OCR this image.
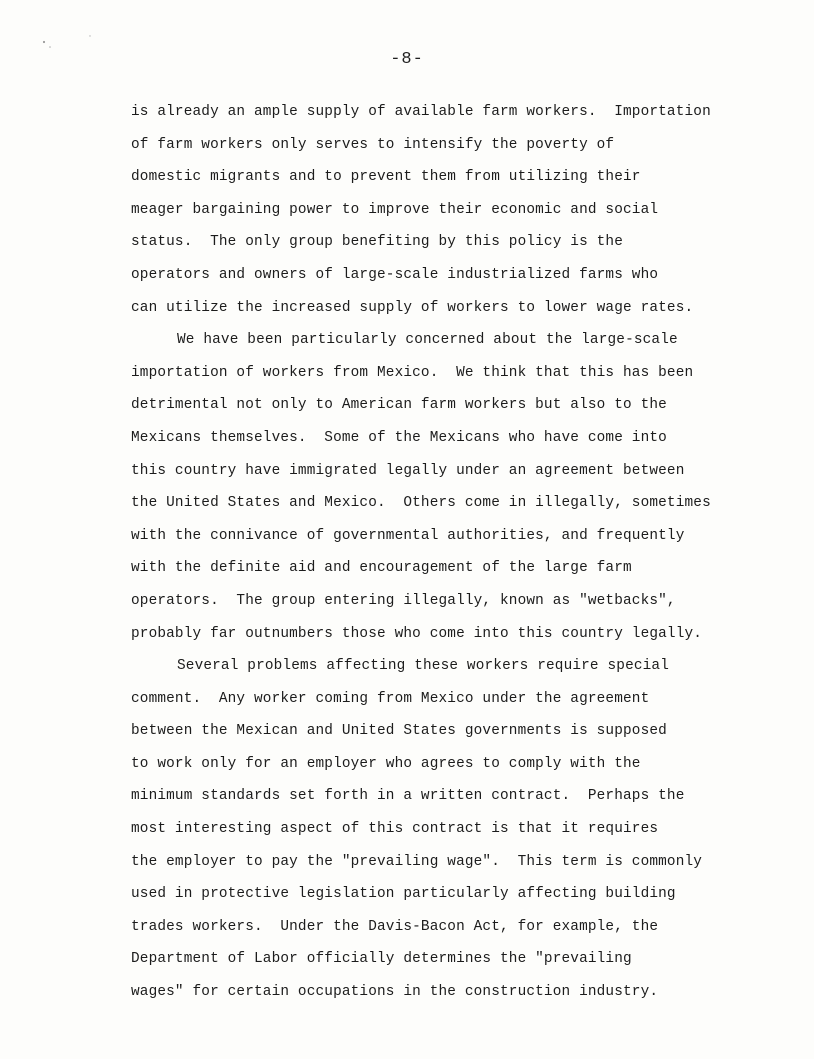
-8-
is already an ample supply of available farm workers.  Importation
of farm workers only serves to intensify the poverty of
domestic migrants and to prevent them from utilizing their
meager bargaining power to improve their economic and social
status.  The only group benefiting by this policy is the
operators and owners of large-scale industrialized farms who
can utilize the increased supply of workers to lower wage rates.
We have been particularly concerned about the large-scale
importation of workers from Mexico.  We think that this has been
detrimental not only to American farm workers but also to the
Mexicans themselves.  Some of the Mexicans who have come into
this country have immigrated legally under an agreement between
the United States and Mexico.  Others come in illegally, sometimes
with the connivance of governmental authorities, and frequently
with the definite aid and encouragement of the large farm
operators.  The group entering illegally, known as "wetbacks",
probably far outnumbers those who come into this country legally.
Several problems affecting these workers require special
comment.  Any worker coming from Mexico under the agreement
between the Mexican and United States governments is supposed
to work only for an employer who agrees to comply with the
minimum standards set forth in a written contract.  Perhaps the
most interesting aspect of this contract is that it requires
the employer to pay the "prevailing wage".  This term is commonly
used in protective legislation particularly affecting building
trades workers.  Under the Davis-Bacon Act, for example, the
Department of Labor officially determines the "prevailing
wages" for certain occupations in the construction industry.
